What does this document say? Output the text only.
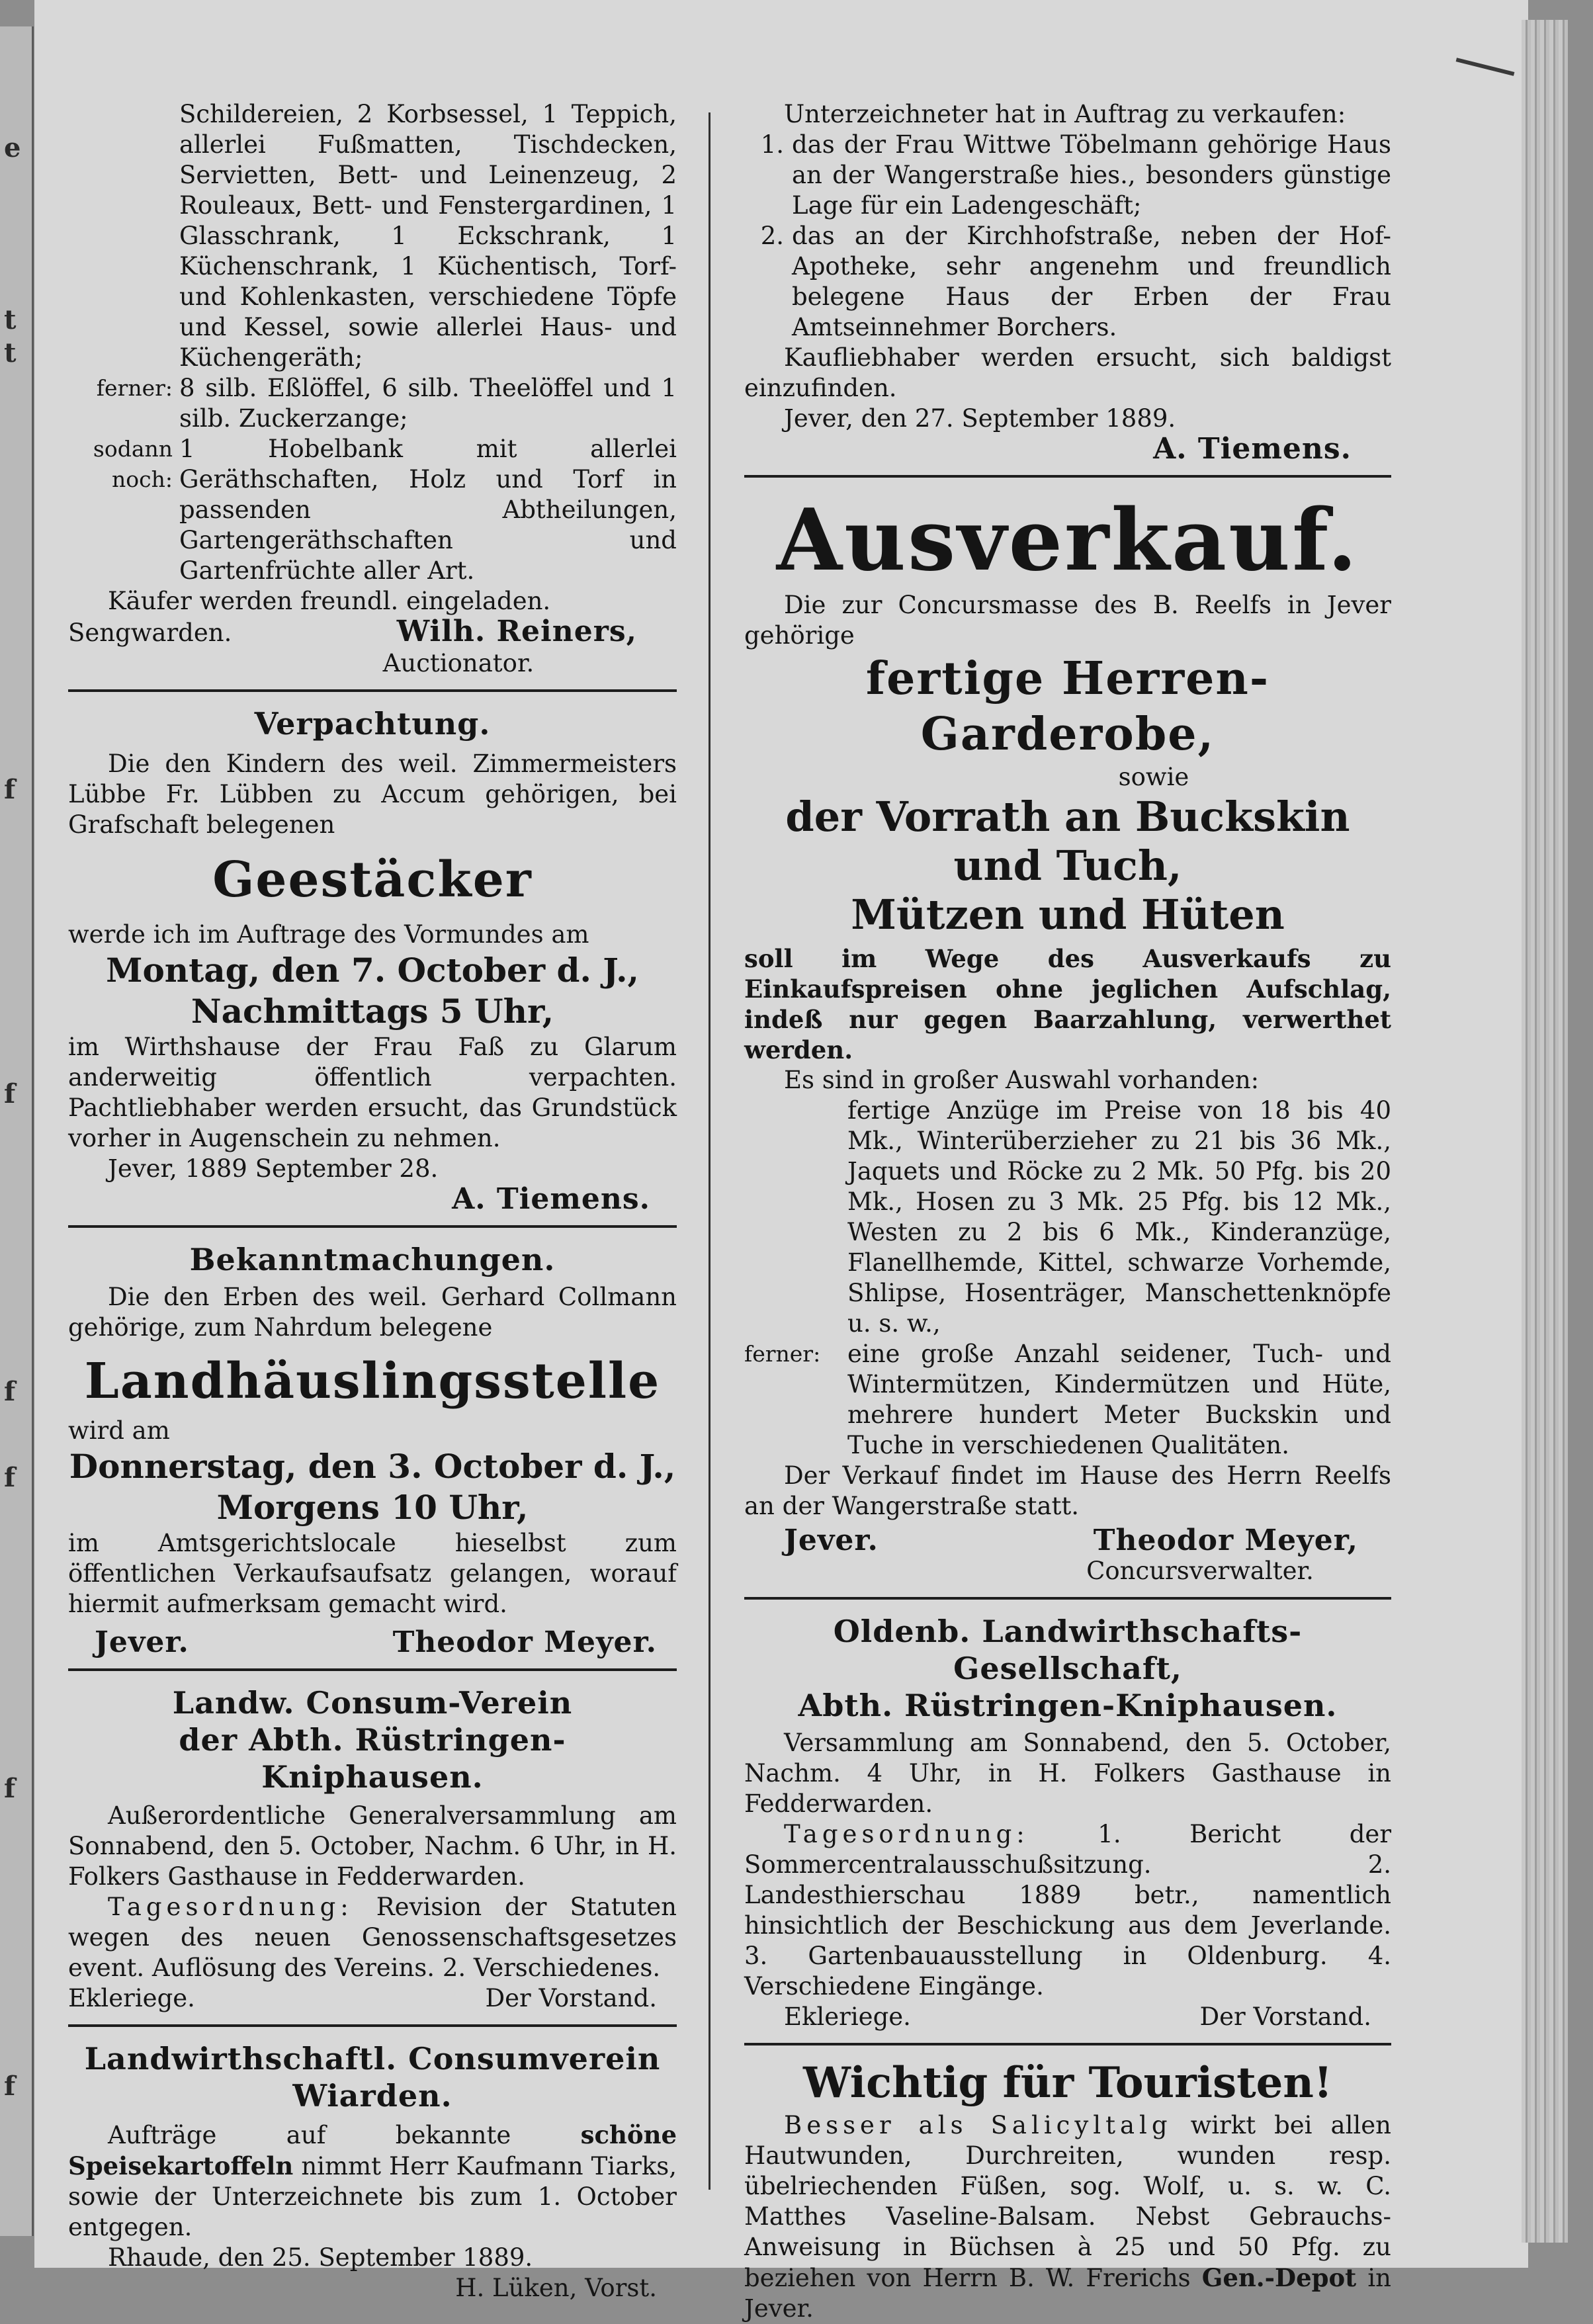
e
t
t
f
f
f
f
f
f

Schildereien, 2 Korbsessel, 1 Teppich, allerlei Fußmatten, Tischdecken, Servietten, Bett- und Leinenzeug, 2 Rouleaux, Bett- und Fenstergardinen, 1 Glasschrank, 1 Eckschrank, 1 Küchenschrank, 1 Küchentisch, Torf- und Kohlenkasten, verschiedene Töpfe und Kessel, sowie allerlei Haus- und Küchengeräth;

ferner: 8 silb. Eßlöffel, 6 silb. Theelöffel und 1 silb. Zuckerzange;
sodann noch:
1 Hobelbank mit allerlei Geräthschaften, Holz und Torf in passenden Abtheilungen, Gartengeräthschaften und Gartenfrüchte aller Art.

Käufer werden freundl. eingeladen.

Sengwarden.	Wilh. Reiners,

Auctionator.

Verpachtung.

Die den Kindern des weil. Zimmermeisters Lübbe Fr. Lübben zu Accum gehörigen, bei Grafschaft belegenen

Geestäcker

werde ich im Auftrage des Vormundes am

Montag, den 7. October d. J.,
Nachmittags 5 Uhr,

im Wirthshause der Frau Faß zu Glarum anderweitig öffentlich verpachten. Pachtliebhaber werden ersucht, das Grundstück vorher in Augenschein zu nehmen.

Jever, 1889 September 28.

A. Tiemens.
Bekanntmachungen.

Die den Erben des weil. Gerhard Collmann gehörige, zum Nahrdum belegene

Landhäuslingsstelle

wird am

Donnerstag, den 3. October d. J.,
Morgens 10 Uhr,

im Amtsgerichtslocale hieselbst zum öffentlichen Verkaufsaufsatz gelangen, worauf hiermit aufmerksam gemacht wird.

Jever.	Theodor Meyer.
Landw. Consum-Verein
der Abth. Rüstringen-Kniphausen.

Außerordentliche Generalversammlung am Sonnabend, den 5. October, Nachm. 6 Uhr, in H. Folkers Gasthause in Fedderwarden.

Tagesordnung: Revision der Statuten wegen des neuen Genossenschaftsgesetzes event. Auflösung des Vereins. 2. Verschiedenes.

Ekleriege.	Der Vorstand.
Landwirthschaftl. Consumverein
Wiarden.

Aufträge auf bekannte	schöne Speisekartoffeln nimmt Herr Kaufmann Tiarks, sowie der Unterzeichnete bis zum 1. October entgegen.

Rhaude, den 25. September 1889.

H. Lüken, Vorst.

Unterzeichneter hat in Auftrag zu verkaufen:

1. das der Frau Wittwe Töbelmann gehörige Haus an der Wangerstraße hies., besonders günstige Lage für ein Ladengeschäft;
2. das an der Kirchhofstraße, neben der Hof-Apotheke, sehr angenehm und freundlich belegene Haus der Erben der Frau Amtseinnehmer Borchers.

Kaufliebhaber werden ersucht, sich baldigst einzufinden.

Jever, den 27. September 1889.

A. Tiemens.
Ausverkauf.

Die zur Concursmasse des B. Reelfs in Jever gehörige

fertige Herren-Garderobe,

sowie

der Vorrath an Buckskin
und Tuch,
Mützen und Hüten

soll im Wege des Ausverkaufs zu Einkaufspreisen ohne jeglichen Aufschlag, indeß nur gegen Baarzahlung, verwerthet werden.

Es sind in großer Auswahl vorhanden:

fertige Anzüge im Preise von 18 bis 40 Mk., Winterüberzieher zu 21 bis 36 Mk., Jaquets und Röcke zu 2 Mk. 50 Pfg. bis 20 Mk., Hosen zu 3 Mk. 25 Pfg. bis 12 Mk., Westen zu 2 bis 6 Mk., Kinderanzüge, Flanellhemde, Kittel, schwarze Vorhemde, Shlipse, Hosenträger, Manschettenknöpfe u. s. w.,

ferner:	eine große Anzahl seidener, Tuch- und Wintermützen, Kindermützen und Hüte, mehrere hundert Meter Buckskin und Tuche in verschiedenen Qualitäten.

Der Verkauf findet im Hause des Herrn Reelfs an der Wangerstraße statt.

Jever.	Theodor Meyer,

Concursverwalter.

Oldenb. Landwirthschafts-Gesellschaft,
Abth. Rüstringen-Kniphausen.

Versammlung am Sonnabend, den 5. October, Nachm. 4 Uhr, in H. Folkers Gasthause in Fedderwarden.

Tagesordnung:	1. Bericht der Sommercentralausschußsitzung. 2. Landesthierschau 1889 betr., namentlich hinsichtlich der Beschickung aus dem Jeverlande. 3. Gartenbauausstellung in Oldenburg. 4. Verschiedene Eingänge.

Ekleriege.	Der Vorstand.
Wichtig für Touristen!

Besser als Salicyltalg wirkt bei allen Hautwunden, Durchreiten, wunden resp. übelriechenden Füßen, sog. Wolf, u. s. w. C. Matthes Vaseline-Balsam. Nebst Gebrauchs-Anweisung in Büchsen à 25 und 50 Pfg. zu beziehen von Herrn B. W. Frerichs Gen.-Depot in Jever.
